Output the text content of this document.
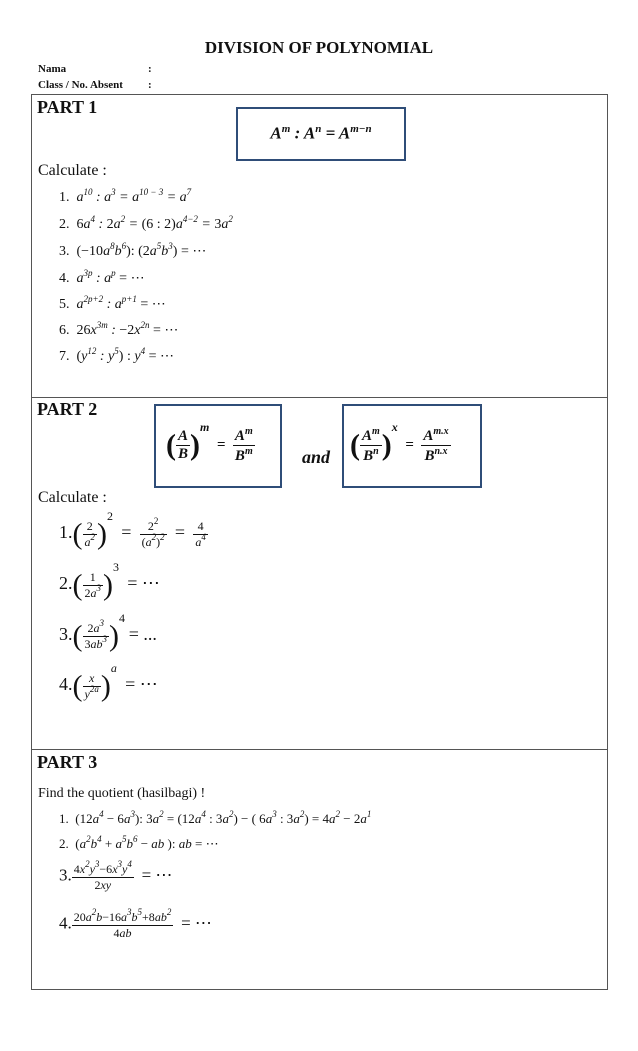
DIVISION OF POLYNOMIAL
Nama	:
Class / No. Absent :
PART 1
$A^m$ : $A^n = A^{m-n}$
Calculate :
1.  $a^{10}$ : $a^3 = a^{10 - 3} = a^7$
2. $6a^4$ : $2a^2 = (6$ : $2)a^{4-2} = 3a^2$
3. $(-10a^8b^6)$: $(2a^5b^3)$ = ⋯
4.  $a^{3p}$ : $a^p$ = ⋯
5.  $a^{2p+2}$ : $a^{p+1}$ = ⋯
6. $26x^{3m}$ : $-2x^{2n}$ = ⋯
7. ($y^{12}$ : $y^5$) : $y^4$ = ⋯
PART 2
( $\frac{A}{B} )^m = \frac{A^m}{B^m}$	and ( $\frac{A^m}{B^n} )^x = \frac{A^{m.x}}{B^{n.x}}$
Calculate :
$1.( \frac{2}{a^2} )^2 = \frac{2^2}{(a^2)^2} = \frac{4}{a^4}$
$2.( \frac{1}{2a^3} )^3$  = ⋯
$3.( \frac{2a^3}{3ab^3} )^4$ = ...
$4.( \frac{x}{y^{2a}} )^a$  = ⋯
PART 3
Find the quotient (hasilbagi) !
1. $(12a^4 - 6a^3)$: $3a^2 = (12a^4$ : $3a^2$) − ( $6a^3$ : $3a^2) = 4a^2 - 2a^1$
2. ($a^2b^4 + a^5b^6$ − ab ): ab = ⋯
3. $\frac{4x^2y^3-6x^3y^4}{2xy}$ = ⋯
4. $\frac{20a^2b-16a^3b^5+8ab^2}{4ab}$ = ⋯
